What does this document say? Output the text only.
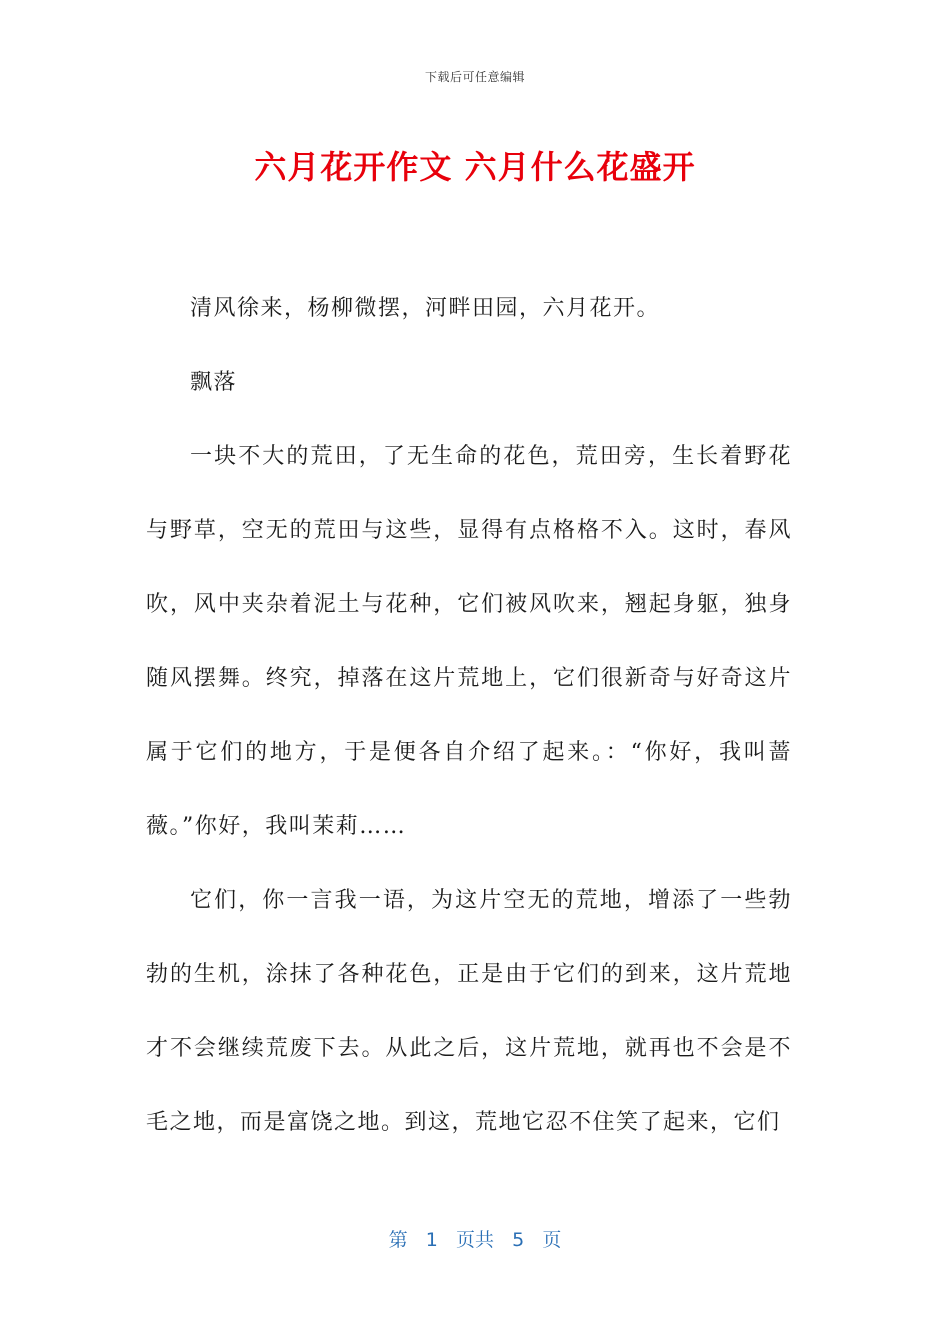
下载后可任意编辑
六月花开作文 六月什么花盛开

清风徐来，杨柳微摆，河畔田园，六月花开。

飘落

一块不大的荒田，了无生命的花色，荒田旁，生长着野花与野草，空无的荒田与这些，显得有点格格不入。这时，春风吹，风中夹杂着泥土与花种，它们被风吹来，翘起身躯，独身随风摆舞。终究，掉落在这片荒地上，它们很新奇与好奇这片属于它们的地方，于是便各自介绍了起来。：“你好，我叫蔷薇。”你好，我叫茉莉……

它们，你一言我一语，为这片空无的荒地，增添了一些勃勃的生机，涂抹了各种花色，正是由于它们的到来，这片荒地才不会继续荒废下去。从此之后，这片荒地，就再也不会是不毛之地，而是富饶之地。到这，荒地它忍不住笑了起来，它们

第 1 页共 5 页
